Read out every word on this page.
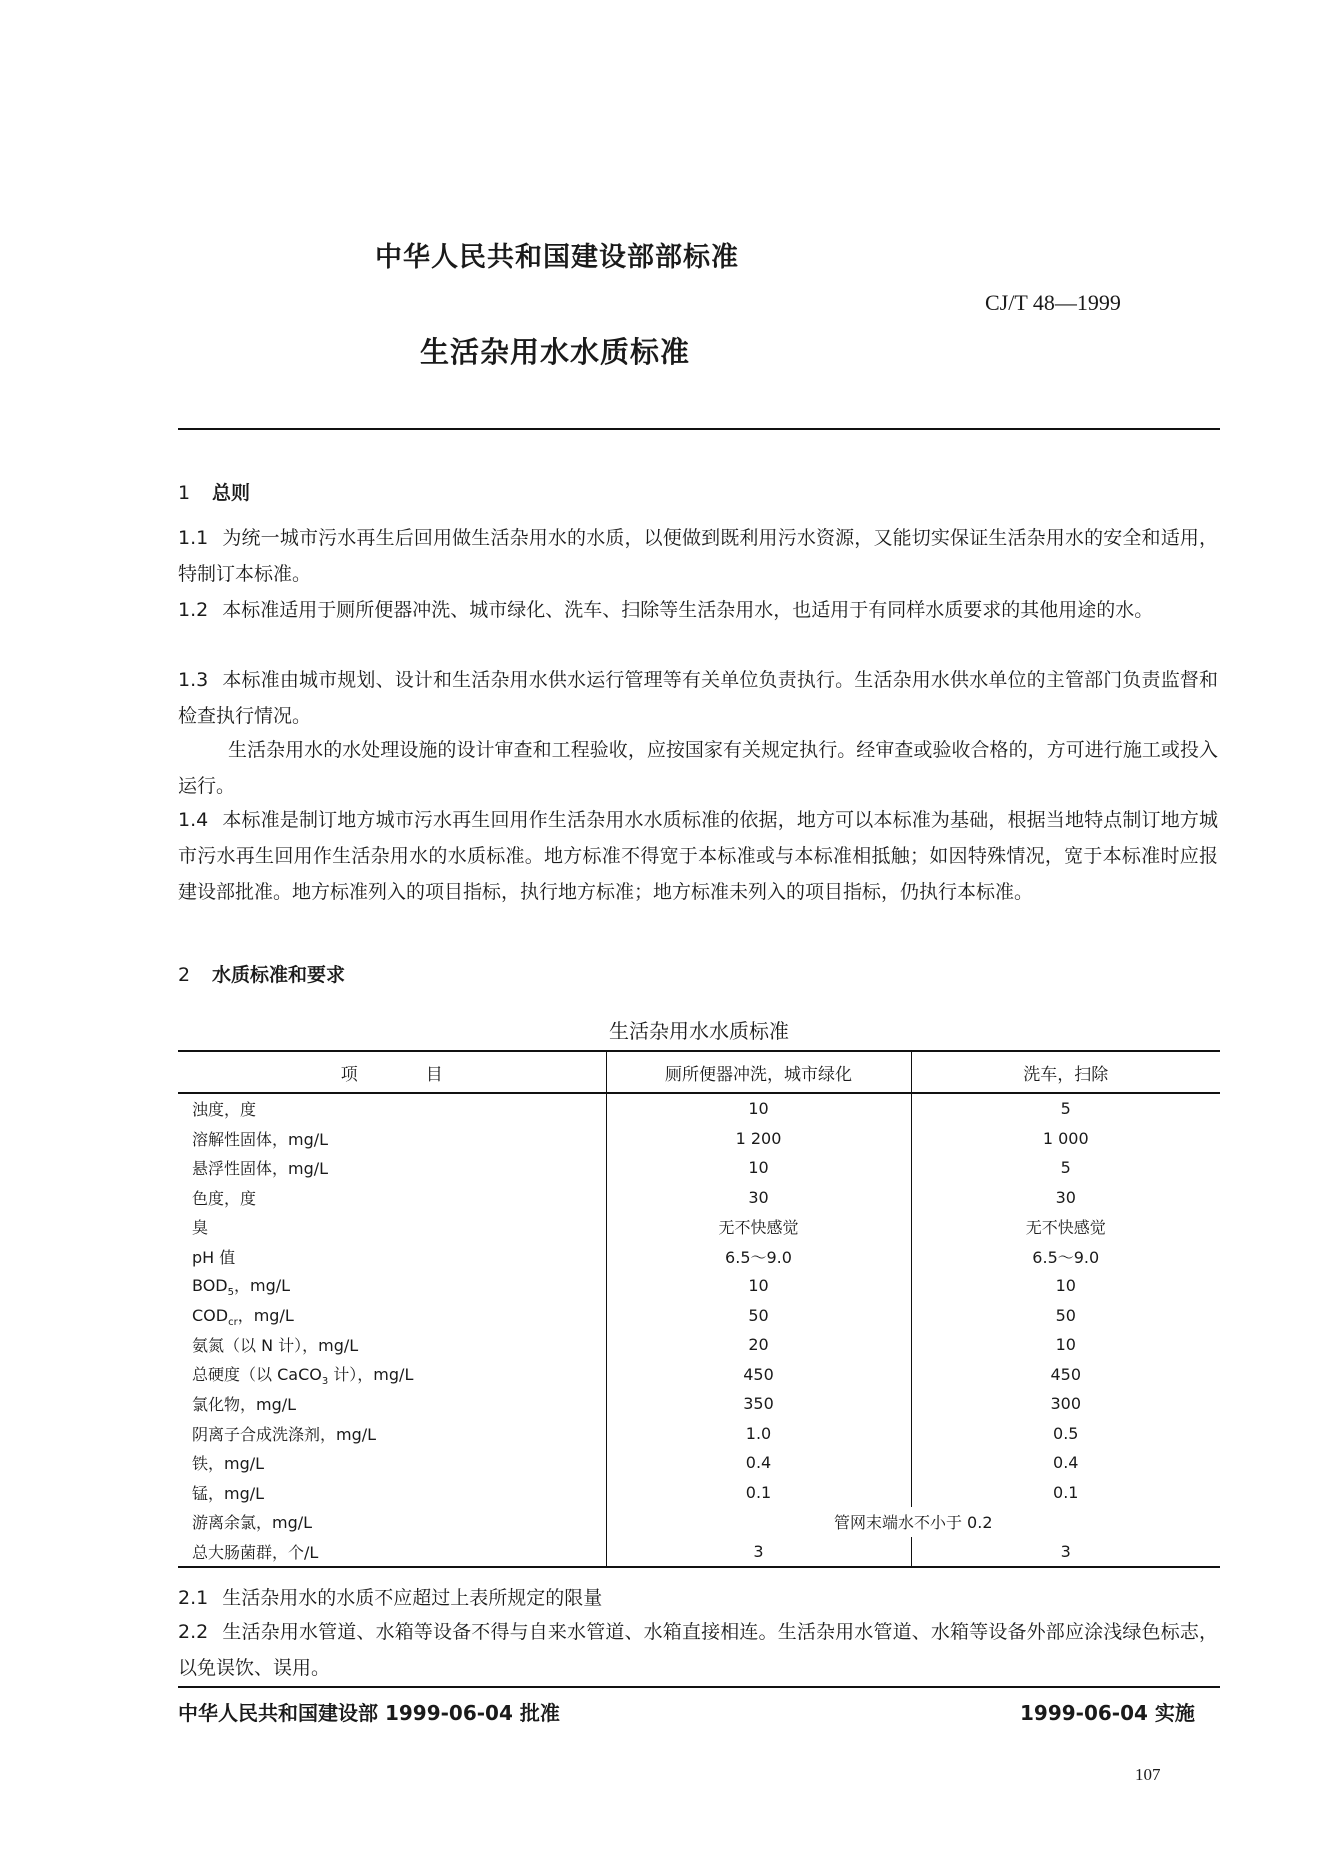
中华人民共和国建设部部标准
CJ/T 48—1999
生活杂用水水质标准
1 总则
1.1 为统一城市污水再生后回用做生活杂用水的水质，以便做到既利用污水资源，又能切实保证生活杂用水的安全和适用，特制订本标准。
1.2 本标准适用于厕所便器冲洗、城市绿化、洗车、扫除等生活杂用水，也适用于有同样水质要求的其他用途的水。
1.3 本标准由城市规划、设计和生活杂用水供水运行管理等有关单位负责执行。生活杂用水供水单位的主管部门负责监督和检查执行情况。
生活杂用水的水处理设施的设计审查和工程验收，应按国家有关规定执行。经审查或验收合格的，方可进行施工或投入运行。
1.4 本标准是制订地方城市污水再生回用作生活杂用水水质标准的依据，地方可以本标准为基础，根据当地特点制订地方城市污水再生回用作生活杂用水的水质标准。地方标准不得宽于本标准或与本标准相抵触；如因特殊情况，宽于本标准时应报建设部批准。地方标准列入的项目指标，执行地方标准；地方标准未列入的项目指标，仍执行本标准。
2 水质标准和要求
生活杂用水水质标准
项　　　　目	厕所便器冲洗，城市绿化	洗车，扫除
浊度，度	10	5
溶解性固体，mg/L	1 200	1 000
悬浮性固体，mg/L	10	5
色度，度	30	30
臭	无不快感觉	无不快感觉
pH 值	6.5～9.0	6.5～9.0
$BOD_5$，mg/L	10	10
$COD_{cr}$，mg/L	50	50
氨氮（以 N 计），mg/L	20	10
总硬度（以 CaCO$_3$ 计），mg/L	450	450
氯化物，mg/L	350	300
阴离子合成洗涤剂，mg/L	1.0	0.5
铁，mg/L	0.4	0.4
锰，mg/L	0.1	0.1
游离余氯，mg/L	管网末端水不小于 0.2	
总大肠菌群，个/L	3	3
2.1 生活杂用水的水质不应超过上表所规定的限量
2.2 生活杂用水管道、水箱等设备不得与自来水管道、水箱直接相连。生活杂用水管道、水箱等设备外部应涂浅绿色标志，以免误饮、误用。
中华人民共和国建设部 1999-06-04 批准	1999-06-04 实施
107
